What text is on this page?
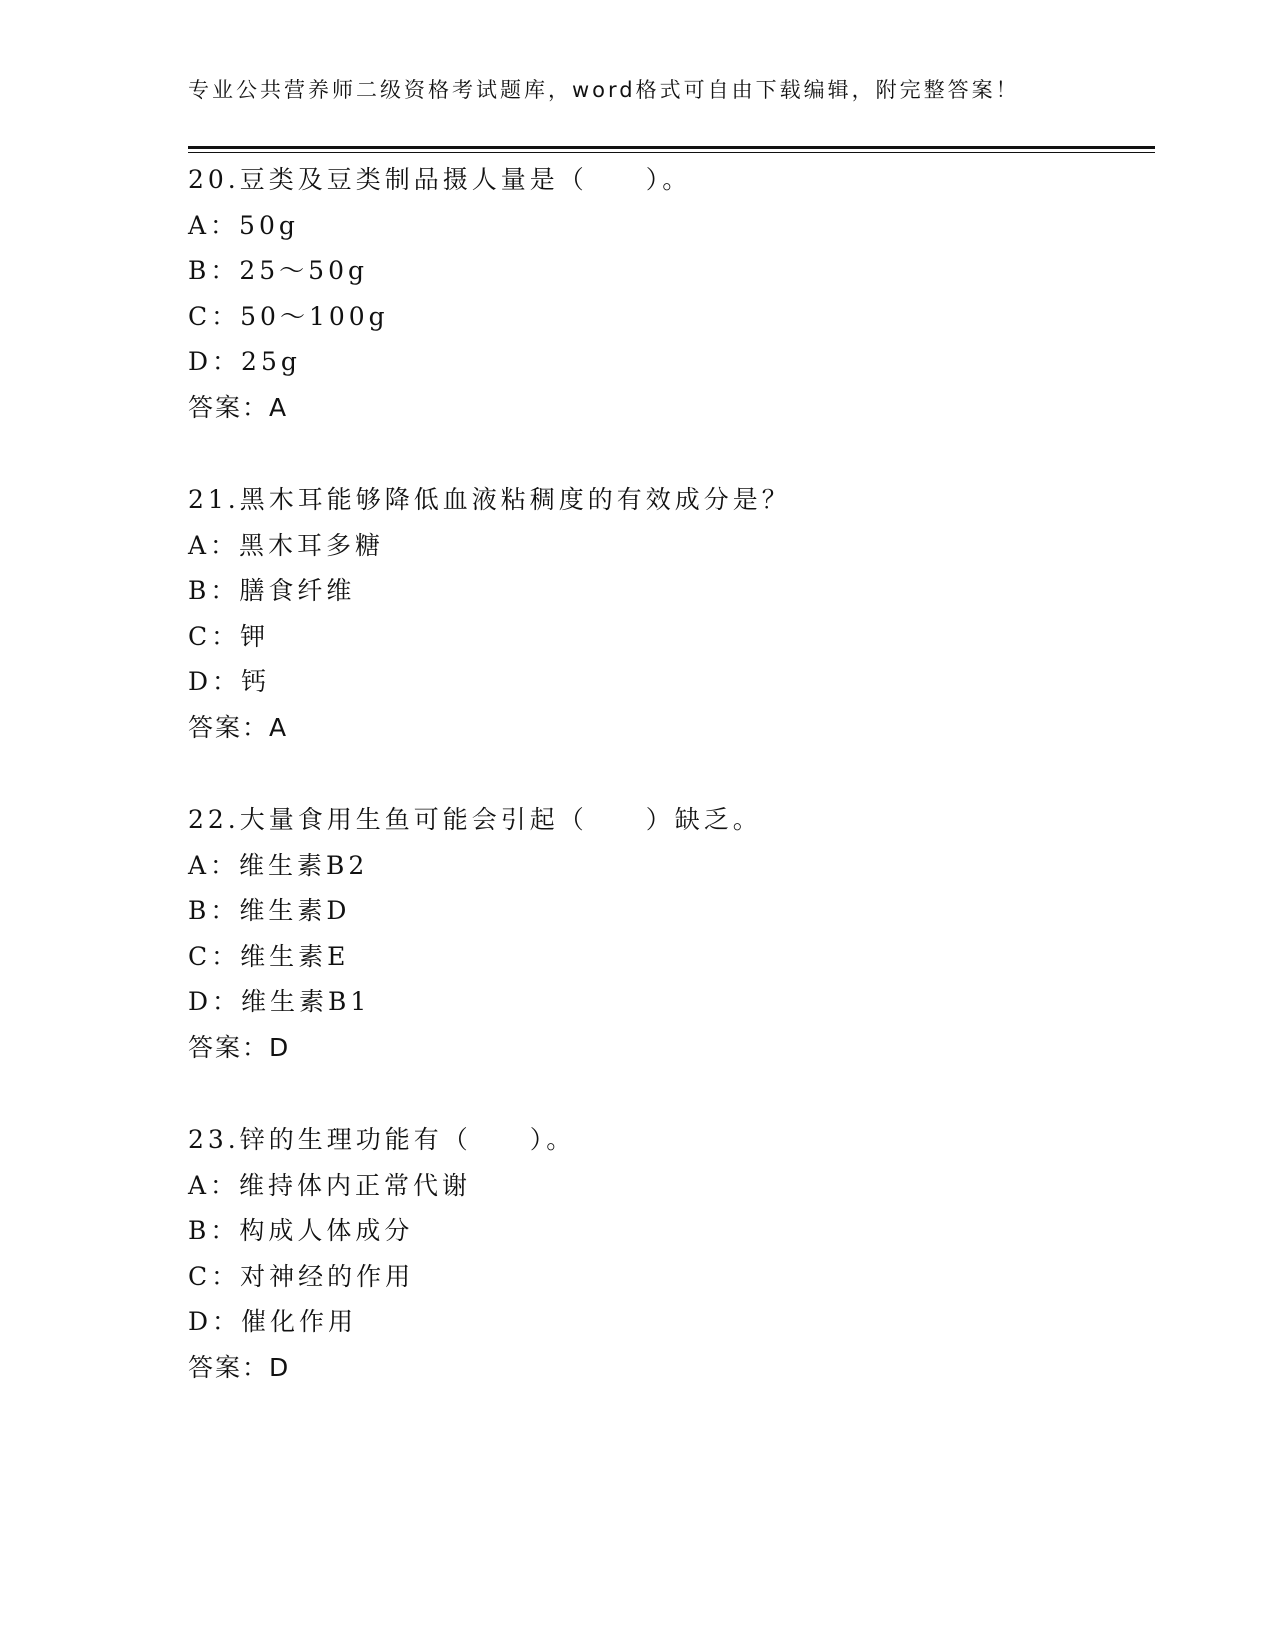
专业公共营养师二级资格考试题库，word格式可自由下载编辑，附完整答案！
20.豆类及豆类制品摄人量是（　　）。
A：50g
B：25～50g
C：50～100g
D：25g
答案：A
21.黑木耳能够降低血液粘稠度的有效成分是？
A：黑木耳多糖
B：膳食纤维
C：钾
D：钙
答案：A
22.大量食用生鱼可能会引起（　　）缺乏。
A：维生素B2
B：维生素D
C：维生素E
D：维生素B1
答案：D
23.锌的生理功能有（　　）。
A：维持体内正常代谢
B：构成人体成分
C：对神经的作用
D：催化作用
答案：D
